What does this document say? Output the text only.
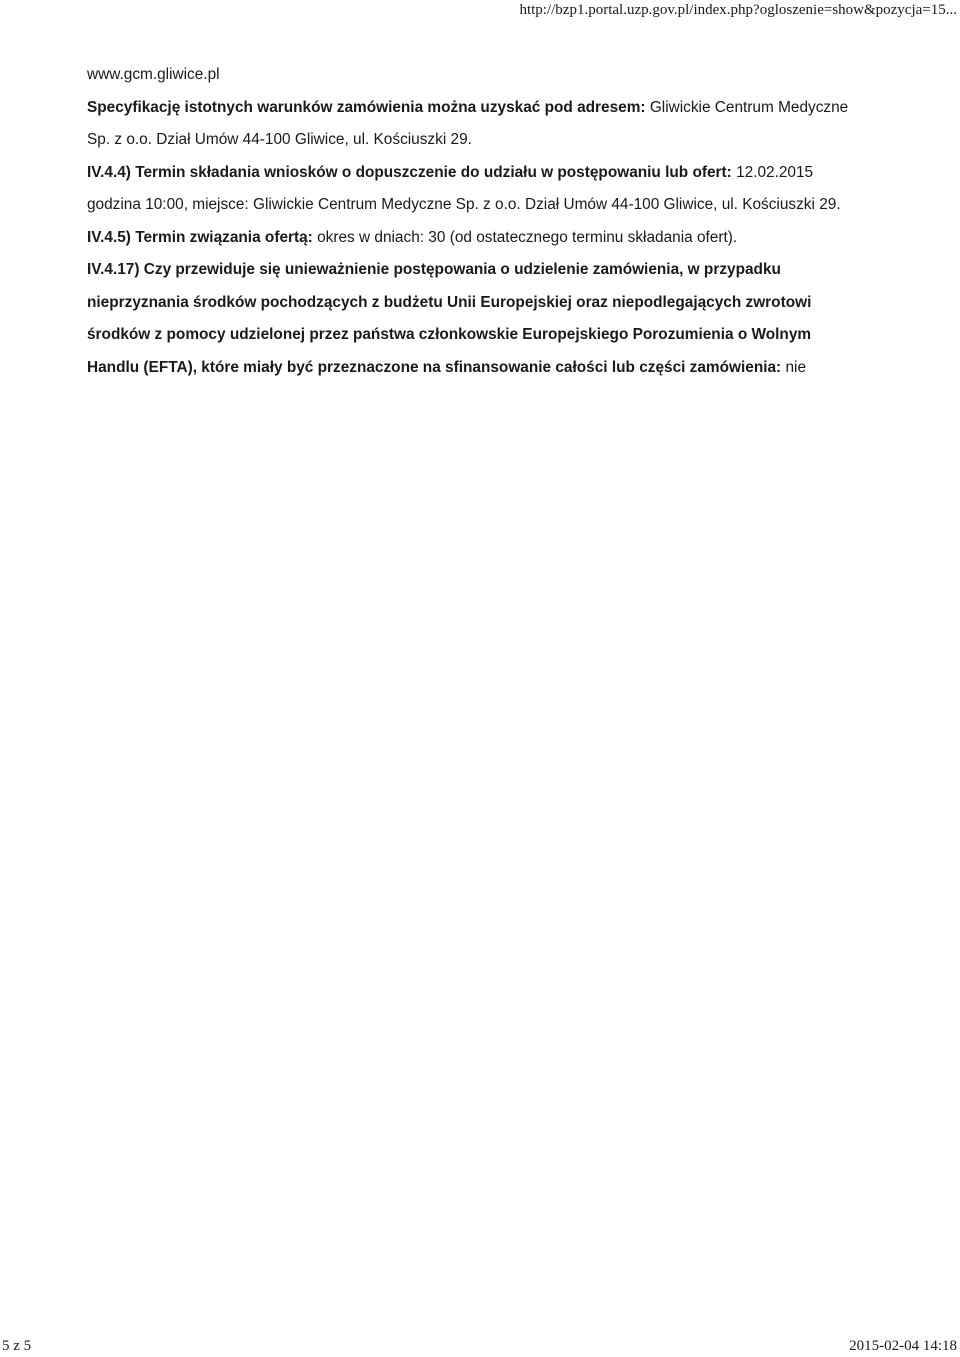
http://bzp1.portal.uzp.gov.pl/index.php?ogloszenie=show&pozycja=15...
www.gcm.gliwice.pl
Specyfikację istotnych warunków zamówienia można uzyskać pod adresem: Gliwickie Centrum Medyczne
Sp. z o.o. Dział Umów 44-100 Gliwice, ul. Kościuszki 29.
IV.4.4) Termin składania wniosków o dopuszczenie do udziału w postępowaniu lub ofert: 12.02.2015
godzina 10:00, miejsce: Gliwickie Centrum Medyczne Sp. z o.o. Dział Umów 44-100 Gliwice, ul. Kościuszki 29.
IV.4.5) Termin związania ofertą: okres w dniach: 30 (od ostatecznego terminu składania ofert).
IV.4.17) Czy przewiduje się unieważnienie postępowania o udzielenie zamówienia, w przypadku
nieprzyznania środków pochodzących z budżetu Unii Europejskiej oraz niepodlegających zwrotowi
środków z pomocy udzielonej przez państwa członkowskie Europejskiego Porozumienia o Wolnym
Handlu (EFTA), które miały być przeznaczone na sfinansowanie całości lub części zamówienia: nie
5 z 5	2015-02-04 14:18
